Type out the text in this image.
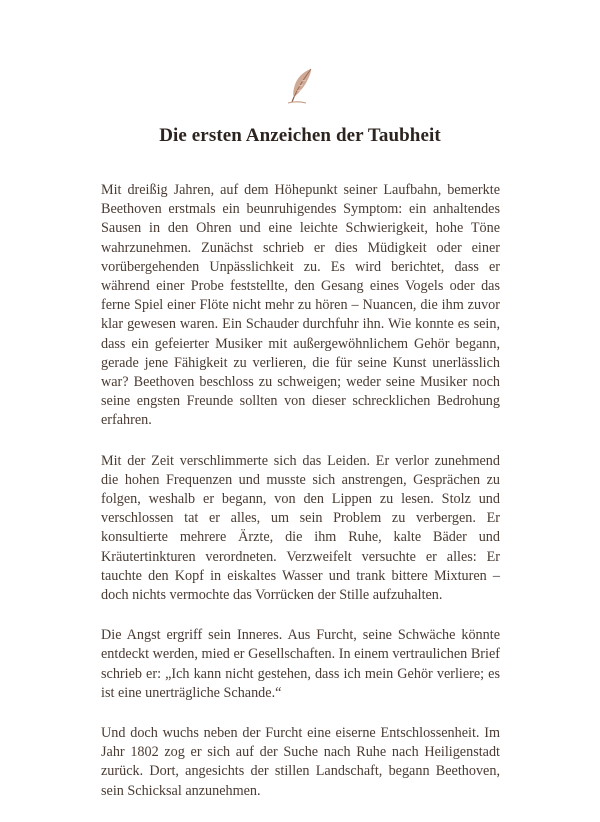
Die ersten Anzeichen der Taubheit

Mit dreißig Jahren, auf dem Höhepunkt seiner Laufbahn, bemerkte Beethoven erstmals ein beunruhigendes Symptom: ein anhaltendes Sausen in den Ohren und eine leichte Schwierigkeit, hohe Töne wahrzunehmen. Zunächst schrieb er dies Müdigkeit oder einer vorübergehenden Unpässlichkeit zu. Es wird berichtet, dass er während einer Probe feststellte, den Gesang eines Vogels oder das ferne Spiel einer Flöte nicht mehr zu hören – Nuancen, die ihm zuvor klar gewesen waren. Ein Schauder durchfuhr ihn. Wie konnte es sein, dass ein gefeierter Musiker mit außergewöhnlichem Gehör begann, gerade jene Fähigkeit zu verlieren, die für seine Kunst unerlässlich war? Beethoven beschloss zu schweigen; weder seine Musiker noch seine engsten Freunde sollten von dieser schrecklichen Bedrohung erfahren.

Mit der Zeit verschlimmerte sich das Leiden. Er verlor zunehmend die hohen Frequenzen und musste sich anstrengen, Gesprächen zu folgen, weshalb er begann, von den Lippen zu lesen. Stolz und verschlossen tat er alles, um sein Problem zu verbergen. Er konsultierte mehrere Ärzte, die ihm Ruhe, kalte Bäder und Kräutertinkturen verordneten. Verzweifelt versuchte er alles: Er tauchte den Kopf in eiskaltes Wasser und trank bittere Mixturen – doch nichts vermochte das Vorrücken der Stille aufzuhalten.

Die Angst ergriff sein Inneres. Aus Furcht, seine Schwäche könnte entdeckt werden, mied er Gesellschaften. In einem vertraulichen Brief schrieb er: „Ich kann nicht gestehen, dass ich mein Gehör verliere; es ist eine unerträgliche Schande.“

Und doch wuchs neben der Furcht eine eiserne Entschlossenheit. Im Jahr 1802 zog er sich auf der Suche nach Ruhe nach Heiligenstadt zurück. Dort, angesichts der stillen Landschaft, begann Beethoven, sein Schicksal anzunehmen.
